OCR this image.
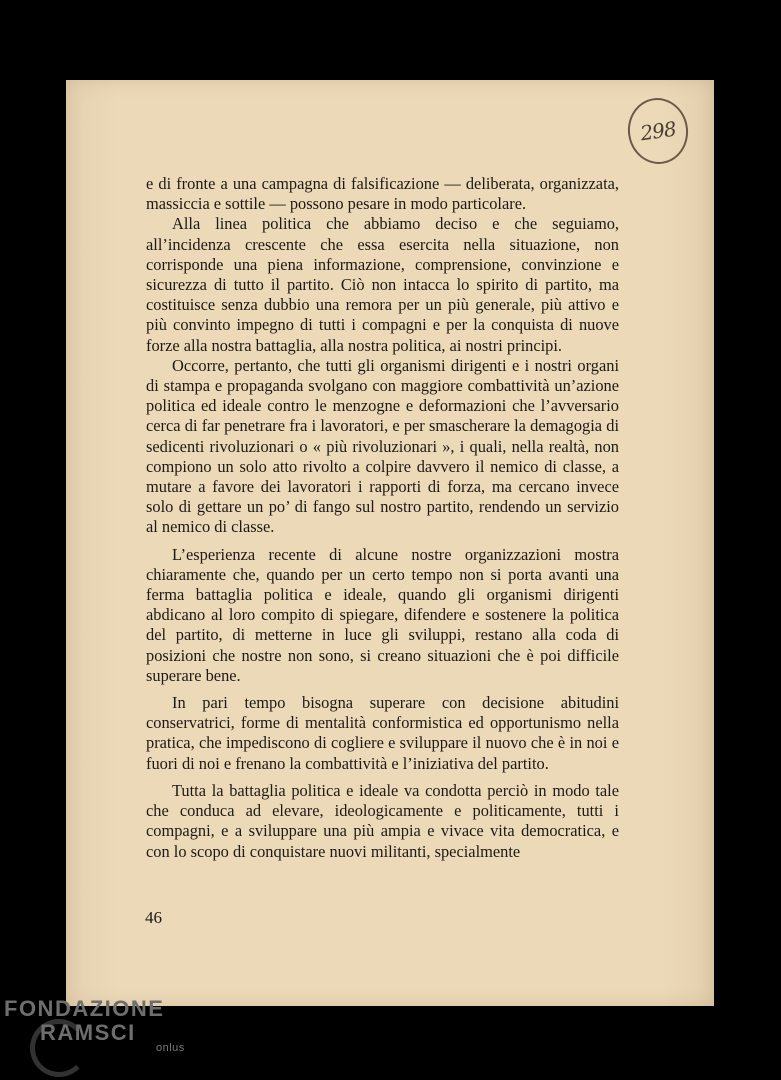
298

e di fronte a una campagna di falsificazione — deliberata, organizzata, massiccia e sottile — possono pesare in modo particolare.

Alla linea politica che abbiamo deciso e che seguiamo, all’incidenza crescente che essa esercita nella situazione, non corrisponde una piena informazione, comprensione, convinzione e sicurezza di tutto il partito. Ciò non intacca lo spirito di partito, ma costituisce senza dubbio una remora per un più generale, più attivo e più convinto impegno di tutti i compagni e per la conquista di nuove forze alla nostra battaglia, alla nostra politica, ai nostri principi.

Occorre, pertanto, che tutti gli organismi dirigenti e i nostri organi di stampa e propaganda svolgano con maggiore combattività un’azione politica ed ideale contro le menzogne e deformazioni che l’avversario cerca di far penetrare fra i lavoratori, e per smascherare la demagogia di sedicenti rivoluzionari o « più rivoluzionari », i quali, nella realtà, non compiono un solo atto rivolto a colpire davvero il nemico di classe, a mutare a favore dei lavoratori i rapporti di forza, ma cercano invece solo di gettare un po’ di fango sul nostro partito, rendendo un servizio al nemico di classe.

L’esperienza recente di alcune nostre organizzazioni mostra chiaramente che, quando per un certo tempo non si porta avanti una ferma battaglia politica e ideale, quando gli organismi dirigenti abdicano al loro compito di spiegare, difendere e sostenere la politica del partito, di metterne in luce gli sviluppi, restano alla coda di posizioni che nostre non sono, si creano situazioni che è poi difficile superare bene.

In pari tempo bisogna superare con decisione abitudini conservatrici, forme di mentalità conformistica ed opportunismo nella pratica, che impediscono di cogliere e sviluppare il nuovo che è in noi e fuori di noi e frenano la combattività e l’iniziativa del partito.

Tutta la battaglia politica e ideale va condotta perciò in modo tale che conduca ad elevare, ideologicamente e politicamente, tutti i compagni, e a sviluppare una più ampia e vivace vita democratica, e con lo scopo di conquistare nuovi militanti, specialmente

46
FONDAZIONE
RAMSCI
onlus
